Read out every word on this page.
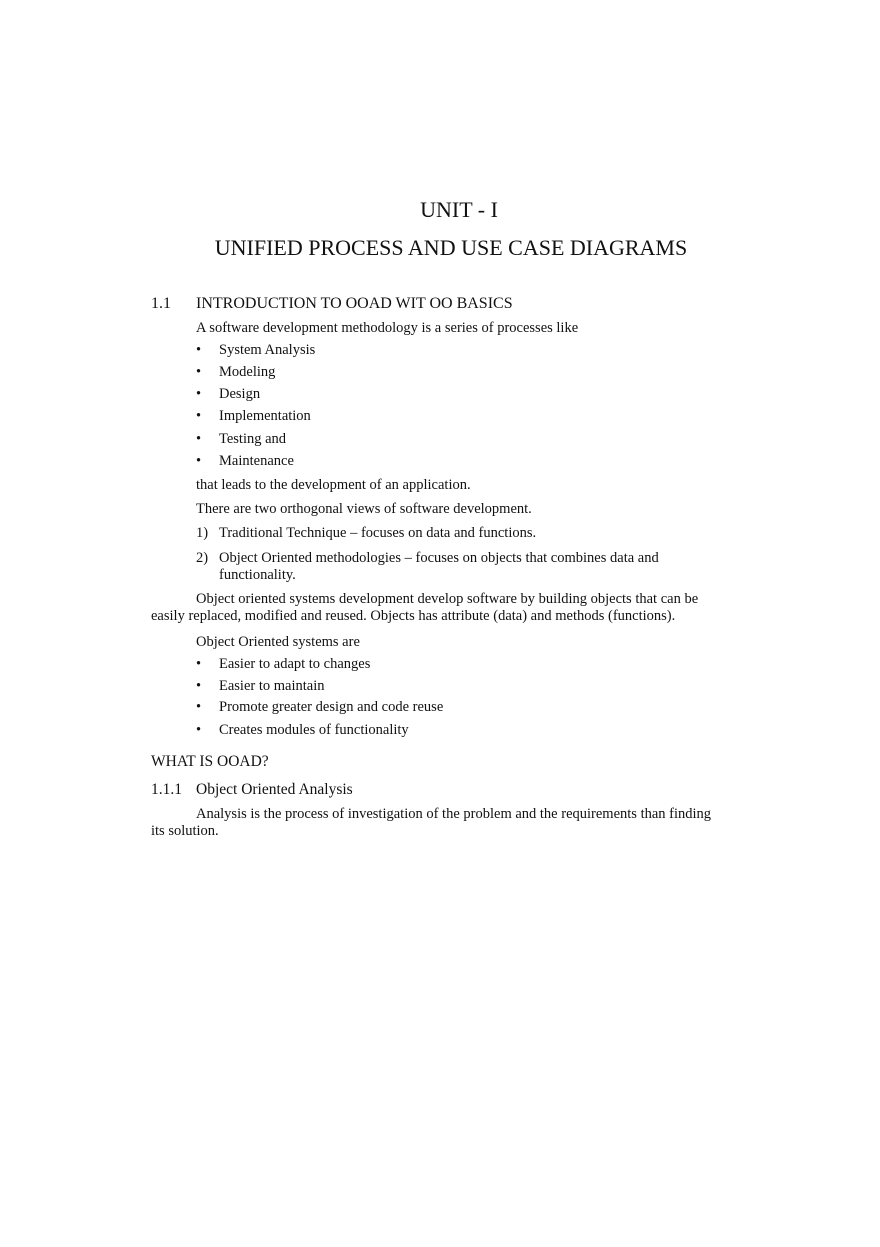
UNIT - I
UNIFIED PROCESS AND USE CASE DIAGRAMS
1.1 INTRODUCTION TO OOAD WIT OO BASICS
A software development methodology is a series of processes like
• System Analysis
• Modeling
• Design
• Implementation
• Testing and
• Maintenance
that leads to the development of an application.
There are two orthogonal views of software development.
1) Traditional Technique – focuses on data and functions.
2) Object Oriented methodologies – focuses on objects that combines data and
functionality.
Object oriented systems development develop software by building objects that can be
easily replaced, modified and reused. Objects has attribute (data) and methods (functions).
Object Oriented systems are
• Easier to adapt to changes
• Easier to maintain
• Promote greater design and code reuse
• Creates modules of functionality
WHAT IS OOAD?
1.1.1 Object Oriented Analysis
Analysis is the process of investigation of the problem and the requirements than finding
its solution.
